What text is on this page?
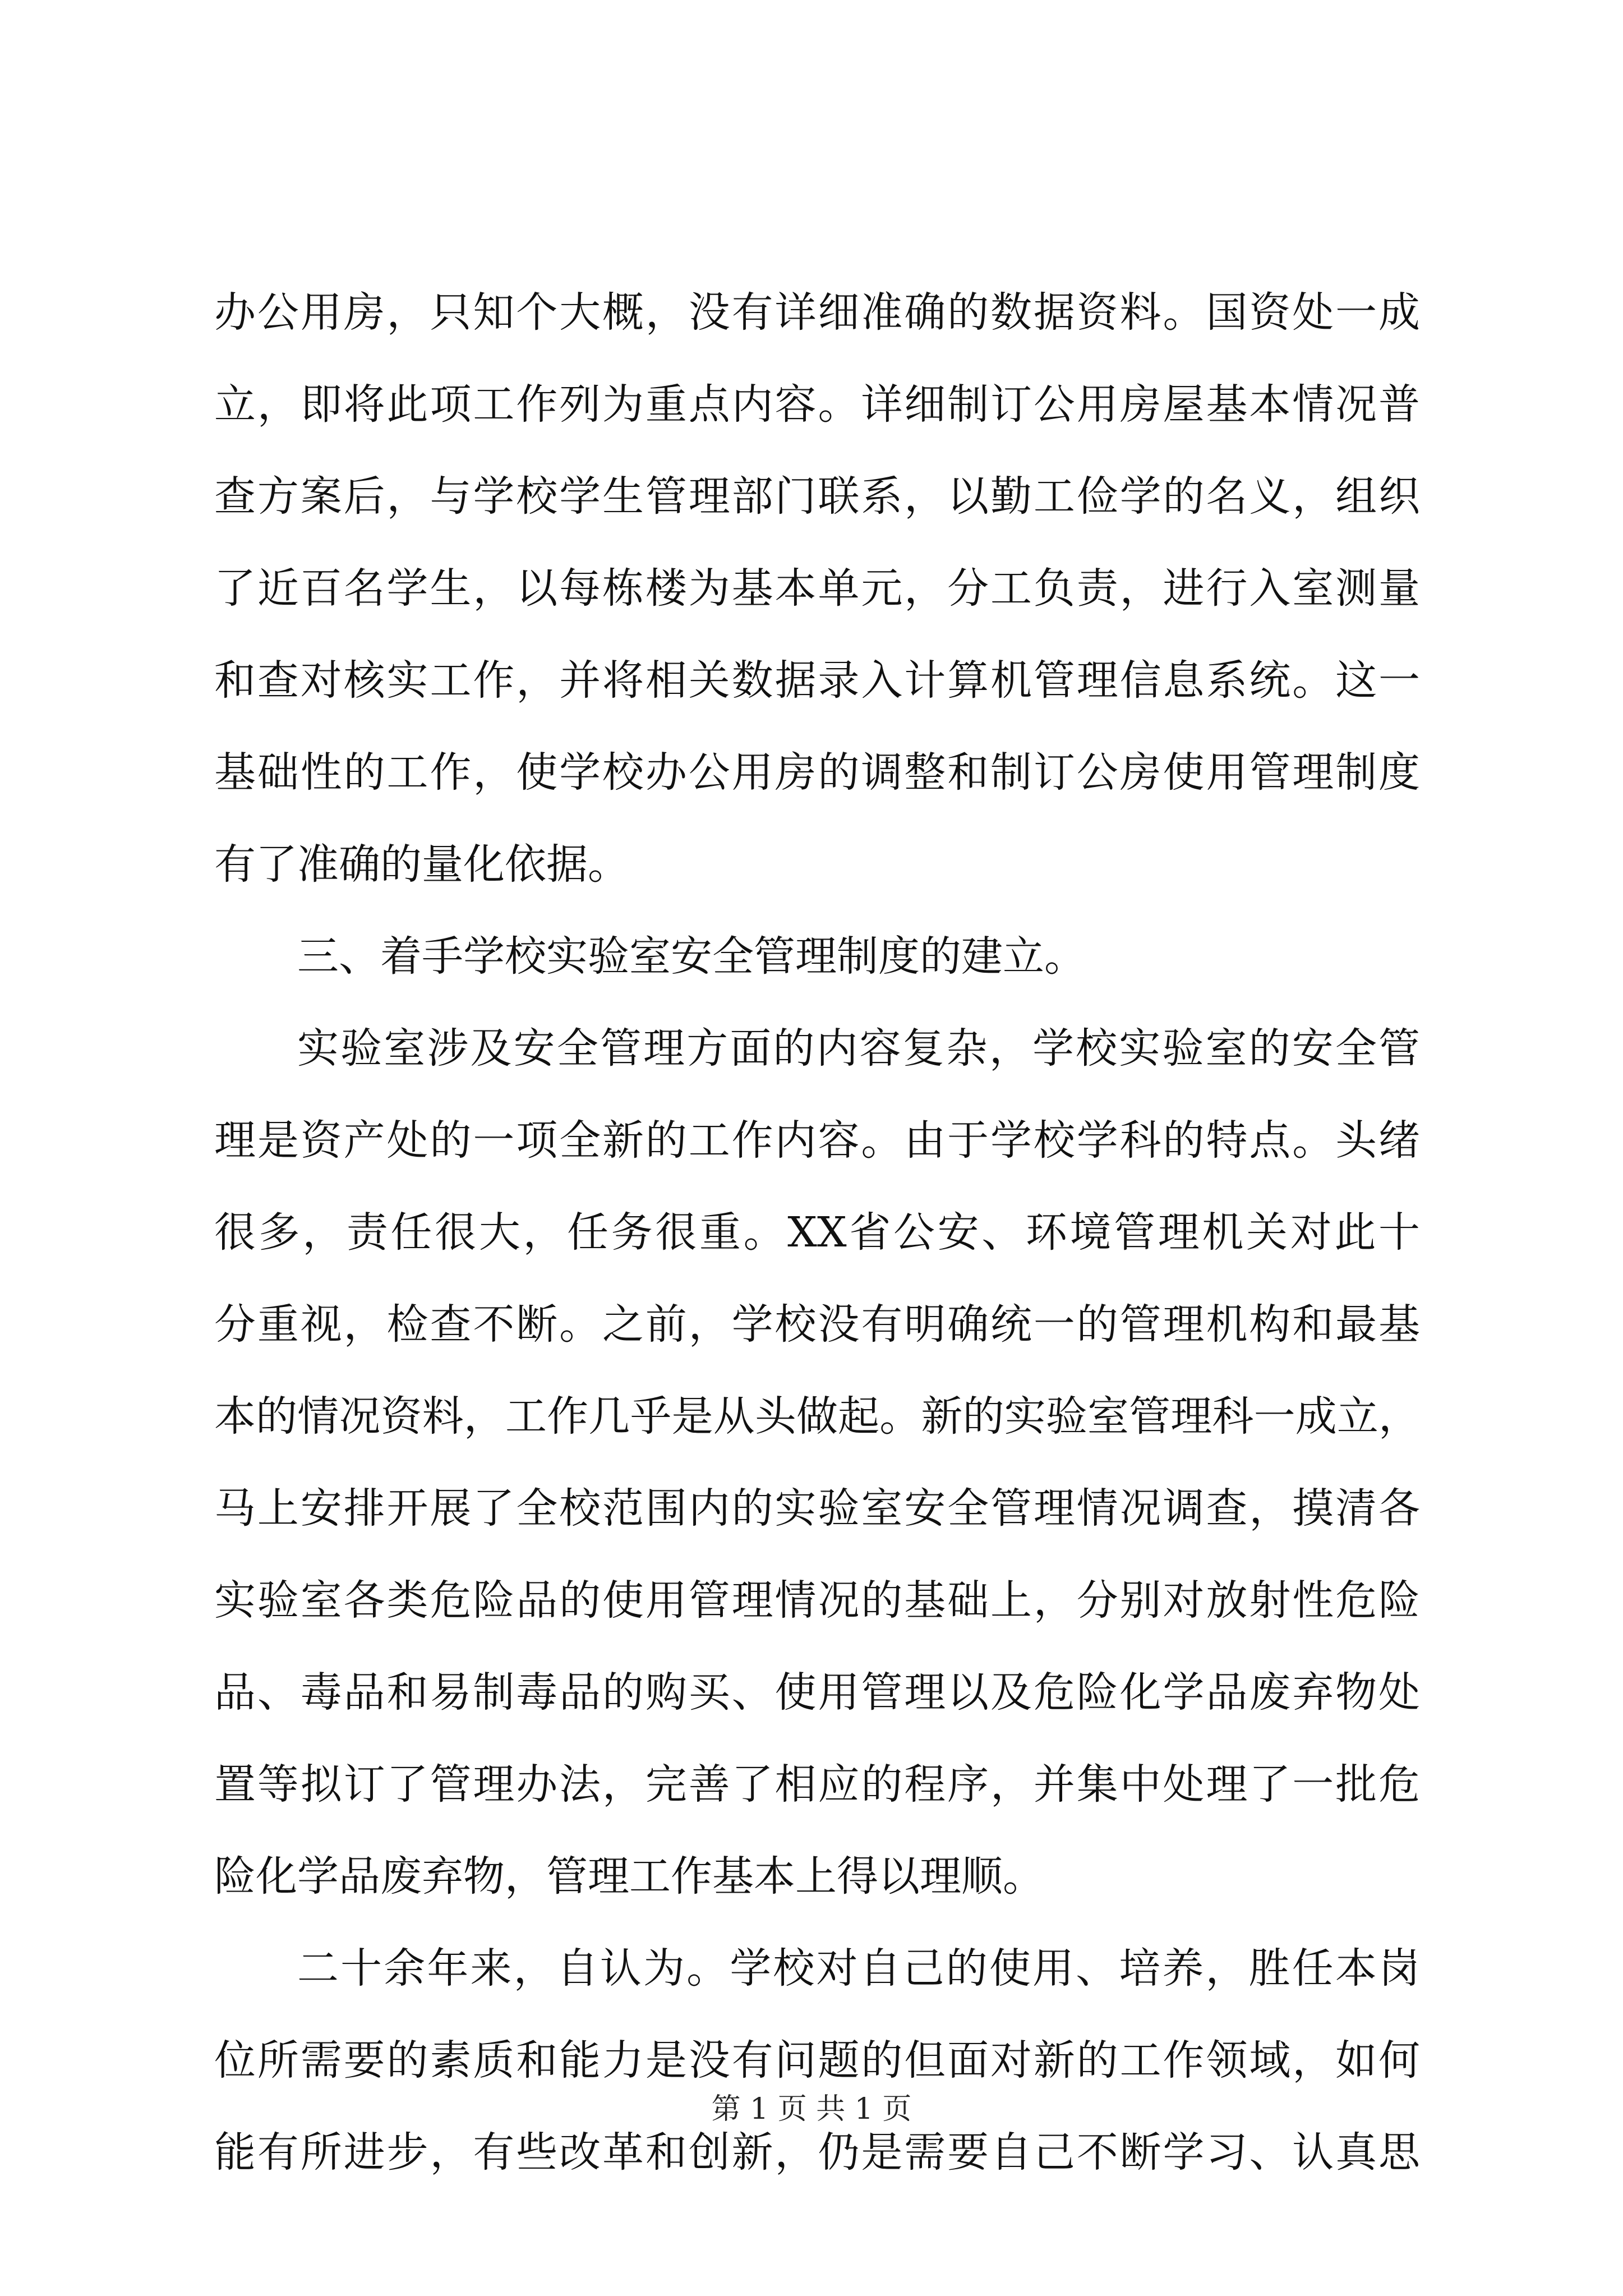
办公用房，只知个大概，没有详细准确的数据资料。国资处一成
立，即将此项工作列为重点内容。详细制订公用房屋基本情况普
查方案后，与学校学生管理部门联系，以勤工俭学的名义，组织
了近百名学生，以每栋楼为基本单元，分工负责，进行入室测量
和查对核实工作，并将相关数据录入计算机管理信息系统。这一
基础性的工作，使学校办公用房的调整和制订公房使用管理制度
有了准确的量化依据。
三、着手学校实验室安全管理制度的建立。
实验室涉及安全管理方面的内容复杂，学校实验室的安全管
理是资产处的一项全新的工作内容。由于学校学科的特点。头绪
很多，责任很大，任务很重。XX省公安、环境管理机关对此十
分重视，检查不断。之前，学校没有明确统一的管理机构和最基
本的情况资料，工作几乎是从头做起。新的实验室管理科一成立，
马上安排开展了全校范围内的实验室安全管理情况调查，摸清各
实验室各类危险品的使用管理情况的基础上，分别对放射性危险
品、毒品和易制毒品的购买、使用管理以及危险化学品废弃物处
置等拟订了管理办法，完善了相应的程序，并集中处理了一批危
险化学品废弃物，管理工作基本上得以理顺。
二十余年来，自认为。学校对自己的使用、培养，胜任本岗
位所需要的素质和能力是没有问题的但面对新的工作领域，如何
能有所进步，有些改革和创新，仍是需要自己不断学习、认真思
第 1 页 共 1 页
